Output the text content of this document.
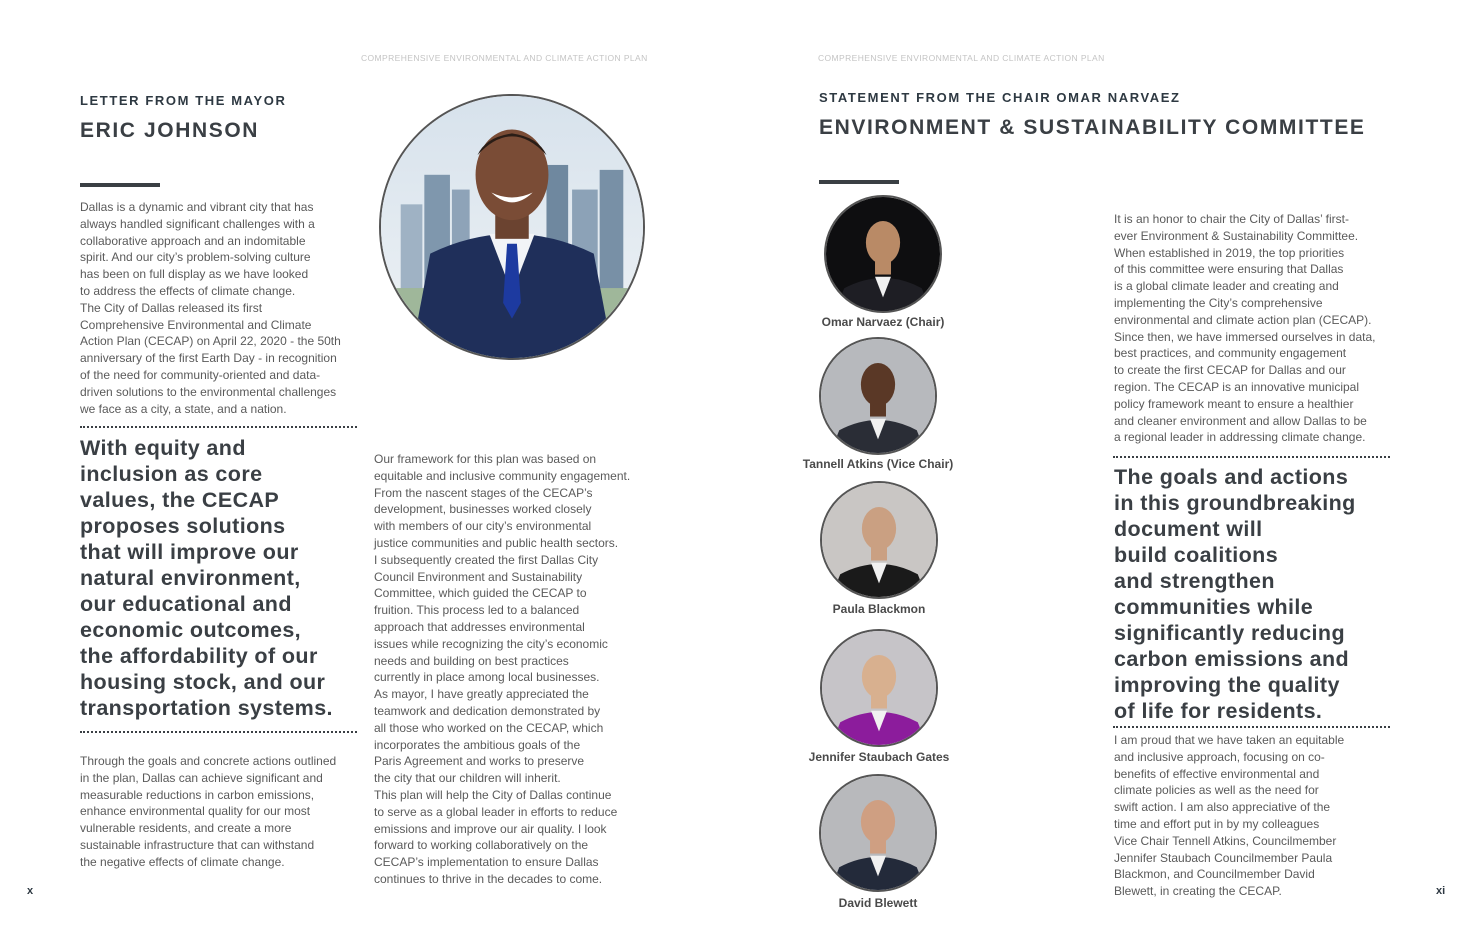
COMPREHENSIVE ENVIRONMENTAL AND CLIMATE ACTION PLAN
LETTER FROM THE MAYOR
ERIC JOHNSON
Dallas is a dynamic and vibrant city that has
always handled significant challenges with a
collaborative approach and an indomitable
spirit. And our city’s problem-solving culture
has been on full display as we have looked
to address the effects of climate change.
The City of Dallas released its first
Comprehensive Environmental and Climate
Action Plan (CECAP) on April 22, 2020 - the 50th
anniversary of the first Earth Day - in recognition
of the need for community-oriented and data-
driven solutions to the environmental challenges
we face as a city, a state, and a nation.
With equity and
inclusion as core
values, the CECAP
proposes solutions
that will improve our
natural environment,
our educational and
economic outcomes,
the affordability of our
housing stock, and our
transportation systems.
Through the goals and concrete actions outlined
in the plan, Dallas can achieve significant and
measurable reductions in carbon emissions,
enhance environmental quality for our most
vulnerable residents, and create a more
sustainable infrastructure that can withstand
the negative effects of climate change.
Our framework for this plan was based on
equitable and inclusive community engagement.
From the nascent stages of the CECAP’s
development, businesses worked closely
with members of our city’s environmental
justice communities and public health sectors.
I subsequently created the first Dallas City
Council Environment and Sustainability
Committee, which guided the CECAP to
fruition. This process led to a balanced
approach that addresses environmental
issues while recognizing the city’s economic
needs and building on best practices
currently in place among local businesses.
As mayor, I have greatly appreciated the
teamwork and dedication demonstrated by
all those who worked on the CECAP, which
incorporates the ambitious goals of the
Paris Agreement and works to preserve
the city that our children will inherit.
This plan will help the City of Dallas continue
to serve as a global leader in efforts to reduce
emissions and improve our air quality. I look
forward to working collaboratively on the
CECAP’s implementation to ensure Dallas
continues to thrive in the decades to come.
x
COMPREHENSIVE ENVIRONMENTAL AND CLIMATE ACTION PLAN
STATEMENT FROM THE CHAIR OMAR NARVAEZ
ENVIRONMENT & SUSTAINABILITY COMMITTEE
Omar Narvaez (Chair)
Tannell Atkins (Vice Chair)
Paula Blackmon
Jennifer Staubach Gates
David Blewett
It is an honor to chair the City of Dallas’ first-
ever Environment & Sustainability Committee.
When established in 2019, the top priorities
of this committee were ensuring that Dallas
is a global climate leader and creating and
implementing the City’s comprehensive
environmental and climate action plan (CECAP).
Since then, we have immersed ourselves in data,
best practices, and community engagement
to create the first CECAP for Dallas and our
region. The CECAP is an innovative municipal
policy framework meant to ensure a healthier
and cleaner environment and allow Dallas to be
a regional leader in addressing climate change.
The goals and actions
in this groundbreaking
document will
build coalitions
and strengthen
communities while
significantly reducing
carbon emissions and
improving the quality
of life for residents.
I am proud that we have taken an equitable
and inclusive approach, focusing on co-
benefits of effective environmental and
climate policies as well as the need for
swift action. I am also appreciative of the
time and effort put in by my colleagues
Vice Chair Tennell Atkins, Councilmember
Jennifer Staubach Councilmember Paula
Blackmon, and Councilmember David
Blewett, in creating the CECAP.	xi
